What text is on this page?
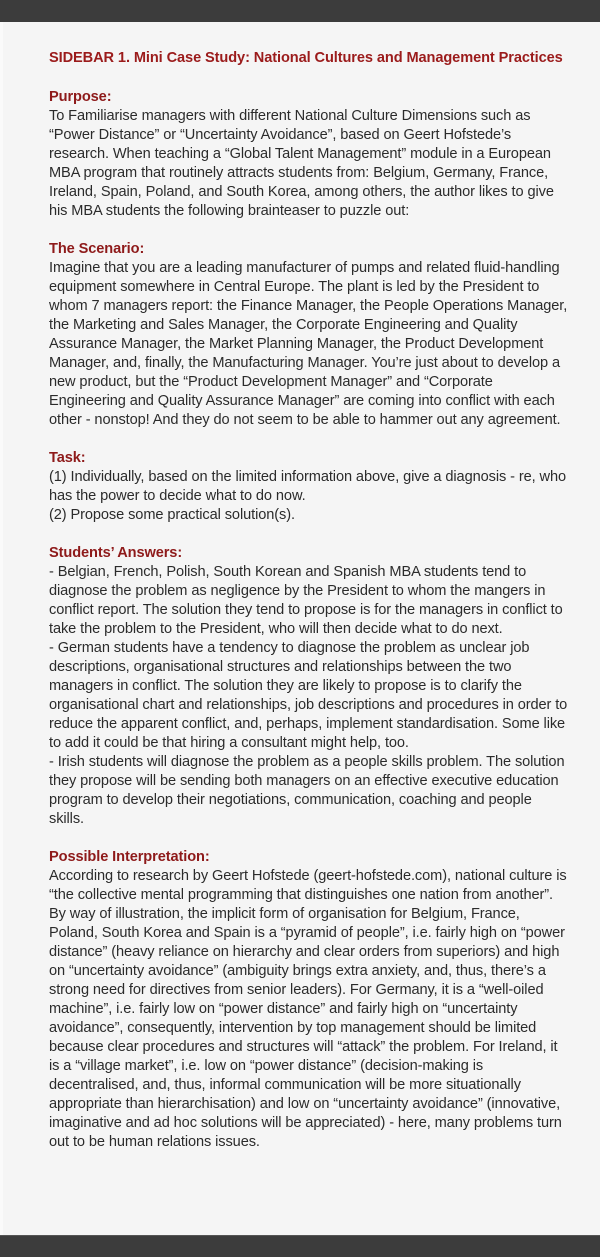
SIDEBAR 1. Mini Case Study: National Cultures and Management Practices
Purpose:

To Familiarise managers with different National Culture Dimensions such as “Power Distance” or “Uncertainty Avoidance”, based on Geert Hofstede’s research. When teaching a “Global Talent Management” module in a European MBA program that routinely attracts students from: Belgium, Germany, France, Ireland, Spain, Poland, and South Korea, among others, the author likes to give his MBA students the following brainteaser to puzzle out:

The Scenario:

Imagine that you are a leading manufacturer of pumps and related fluid-handling equipment somewhere in Central Europe. The plant is led by the President to whom 7 managers report: the Finance Manager, the People Operations Manager, the Marketing and Sales Manager, the Corporate Engineering and Quality Assurance Manager, the Market Planning Manager, the Product Development Manager, and, finally, the Manufacturing Manager. You’re just about to develop a new product, but the “Product Development Manager” and “Corporate Engineering and Quality Assurance Manager” are coming into conflict with each other - nonstop! And they do not seem to be able to hammer out any agreement.

Task:

(1) Individually, based on the limited information above, give a diagnosis - re, who has the power to decide what to do now.

(2) Propose some practical solution(s).

Students’ Answers:

- Belgian, French, Polish, South Korean and Spanish MBA students tend to diagnose the problem as negligence by the President to whom the mangers in conflict report. The solution they tend to propose is for the managers in conflict to take the problem to the President, who will then decide what to do next.

- German students have a tendency to diagnose the problem as unclear job descriptions, organisational structures and relationships between the two managers in conflict. The solution they are likely to propose is to clarify the organisational chart and relationships, job descriptions and procedures in order to reduce the apparent conflict, and, perhaps, implement standardisation. Some like to add it could be that hiring a consultant might help, too.

- Irish students will diagnose the problem as a people skills problem. The solution they propose will be sending both managers on an effective executive education program to develop their negotiations, communication, coaching and people skills.

Possible Interpretation:

According to research by Geert Hofstede (geert-hofstede.com), national culture is “the collective mental programming that distinguishes one nation from another”. By way of illustration, the implicit form of organisation for Belgium, France, Poland, South Korea and Spain is a “pyramid of people”, i.e. fairly high on “power distance” (heavy reliance on hierarchy and clear orders from superiors) and high on “uncertainty avoidance” (ambiguity brings extra anxiety, and, thus, there’s a strong need for directives from senior leaders). For Germany, it is a “well-oiled machine”, i.e. fairly low on “power distance” and fairly high on “uncertainty avoidance”, consequently, intervention by top management should be limited because clear procedures and structures will “attack” the problem. For Ireland, it is a “village market”, i.e. low on “power distance” (decision-making is decentralised, and, thus, informal communication will be more situationally appropriate than hierarchisation) and low on “uncertainty avoidance” (innovative, imaginative and ad hoc solutions will be appreciated) - here, many problems turn out to be human relations issues.
